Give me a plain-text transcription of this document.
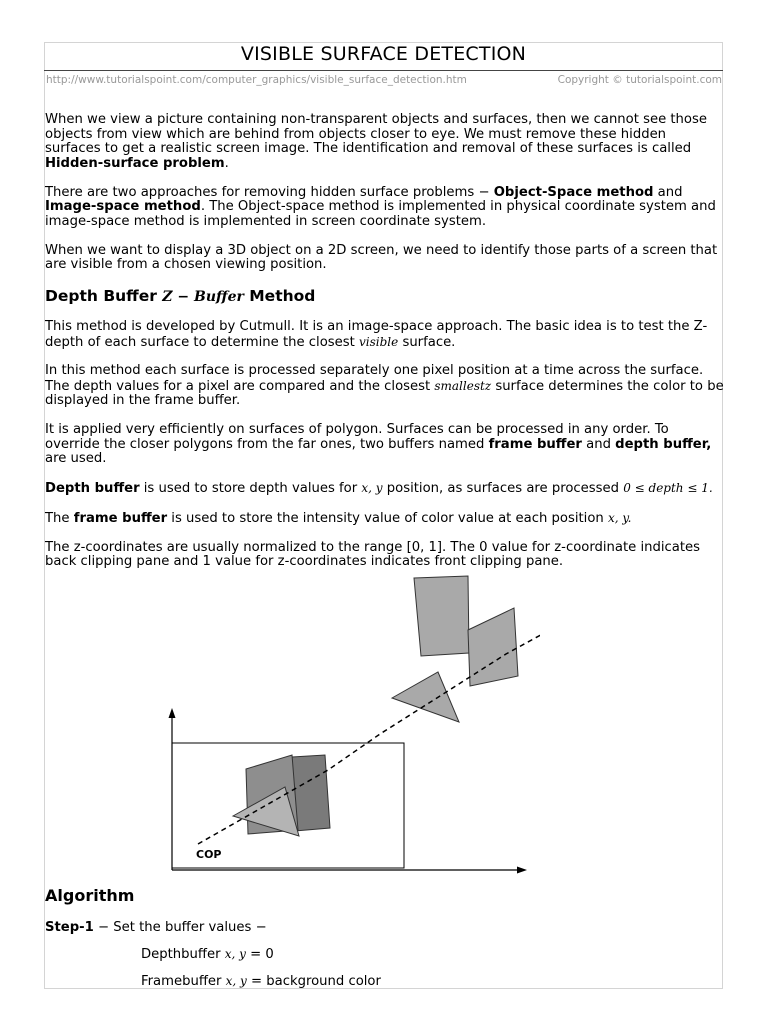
VISIBLE SURFACE DETECTION
http://www.tutorialspoint.com/computer_graphics/visible_surface_detection.htm	Copyright © tutorialspoint.com

When we view a picture containing non-transparent objects and surfaces, then we cannot see those objects from view which are behind from objects closer to eye. We must remove these hidden surfaces to get a realistic screen image. The identification and removal of these surfaces is called Hidden-surface problem.

There are two approaches for removing hidden surface problems − Object-Space method and Image-space method. The Object-space method is implemented in physical coordinate system and image-space method is implemented in screen coordinate system.

When we want to display a 3D object on a 2D screen, we need to identify those parts of a screen that are visible from a chosen viewing position.

Depth Buffer Z − Buffer Method

This method is developed by Cutmull. It is an image-space approach. The basic idea is to test the Z-depth of each surface to determine the closest visible surface.

In this method each surface is processed separately one pixel position at a time across the surface. The depth values for a pixel are compared and the closest smallestz surface determines the color to be displayed in the frame buffer.

It is applied very efficiently on surfaces of polygon. Surfaces can be processed in any order. To override the closer polygons from the far ones, two buffers named frame buffer and depth buffer, are used.

Depth buffer is used to store depth values for x, y position, as surfaces are processed 0 ≤ depth ≤ 1.

The frame buffer is used to store the intensity value of color value at each position x, y.

The z-coordinates are usually normalized to the range [0, 1]. The 0 value for z-coordinate indicates back clipping pane and 1 value for z-coordinates indicates front clipping pane.

COP
Algorithm
Step-1 − Set the buffer values −
Depthbuffer x, y = 0
Framebuffer x, y = background color
